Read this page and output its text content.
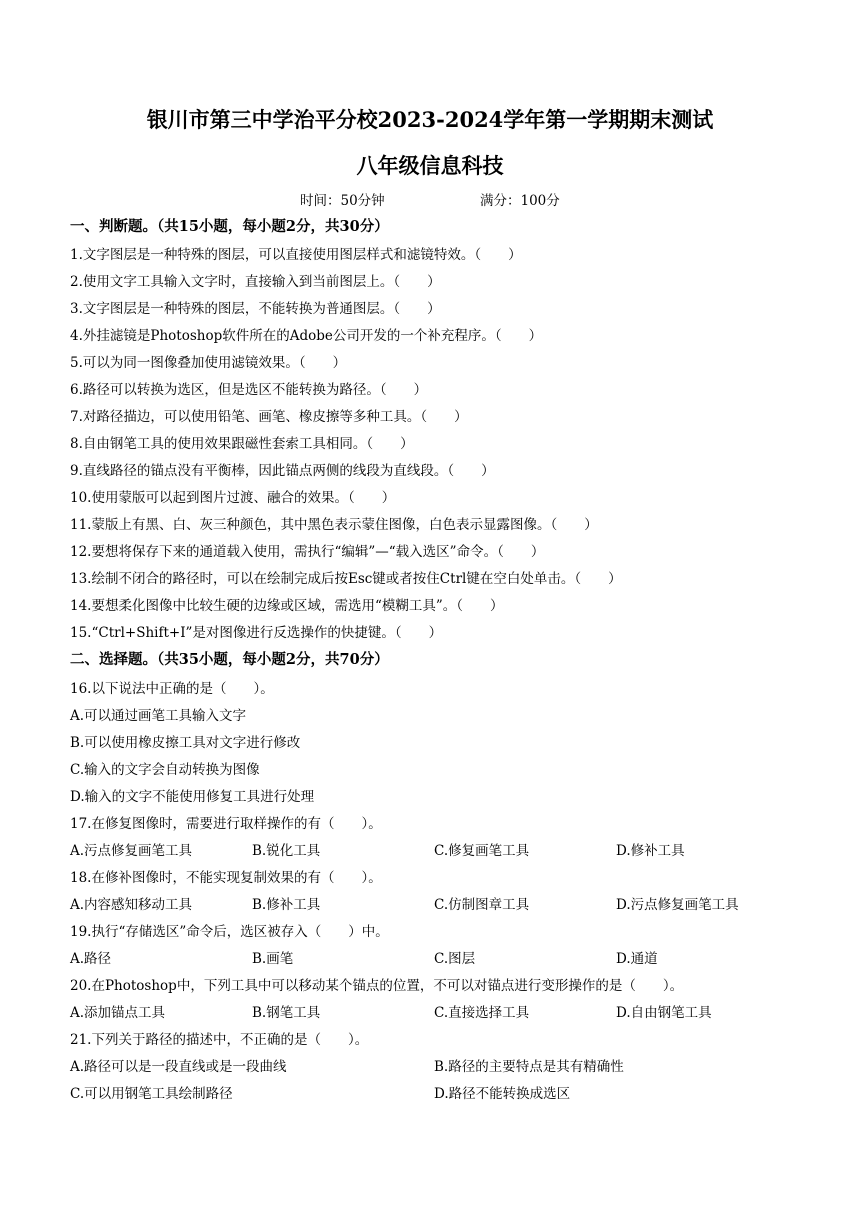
银川市第三中学治平分校2023-2024学年第一学期期末测试
八年级信息科技
时间：50分钟	满分：100分
一、判断题。（共15小题，每小题2分，共30分）
1.文字图层是一种特殊的图层，可以直接使用图层样式和滤镜特效。（　　）
2.使用文字工具输入文字时，直接输入到当前图层上。（　　）
3.文字图层是一种特殊的图层，不能转换为普通图层。（　　）
4.外挂滤镜是Photoshop软件所在的Adobe公司开发的一个补充程序。（　　）
5.可以为同一图像叠加使用滤镜效果。（　　）
6.路径可以转换为选区，但是选区不能转换为路径。（　　）
7.对路径描边，可以使用铅笔、画笔、橡皮擦等多种工具。（　　）
8.自由钢笔工具的使用效果跟磁性套索工具相同。（　　）
9.直线路径的锚点没有平衡棒，因此锚点两侧的线段为直线段。（　　）
10.使用蒙版可以起到图片过渡、融合的效果。（　　）
11.蒙版上有黑、白、灰三种颜色，其中黑色表示蒙住图像，白色表示显露图像。（　　）
12.要想将保存下来的通道载入使用，需执行“编辑”—“载入选区”命令。（　　）
13.绘制不闭合的路径时，可以在绘制完成后按Esc键或者按住Ctrl键在空白处单击。（　　）
14.要想柔化图像中比较生硬的边缘或区域，需选用“模糊工具”。（　　）
15.“Ctrl+Shift+I”是对图像进行反选操作的快捷键。（　　）
二、选择题。（共35小题，每小题2分，共70分）
16.以下说法中正确的是（　　）。
A.可以通过画笔工具输入文字
B.可以使用橡皮擦工具对文字进行修改
C.输入的文字会自动转换为图像
D.输入的文字不能使用修复工具进行处理
17.在修复图像时，需要进行取样操作的有（　　）。
A.污点修复画笔工具	B.锐化工具	C.修复画笔工具	D.修补工具
18.在修补图像时，不能实现复制效果的有（　　）。
A.内容感知移动工具	B.修补工具	C.仿制图章工具	D.污点修复画笔工具
19.执行“存储选区”命令后，选区被存入（　　）中。
A.路径	B.画笔	C.图层	D.通道
20.在Photoshop中，下列工具中可以移动某个锚点的位置，不可以对锚点进行变形操作的是（　　）。
A.添加锚点工具	B.钢笔工具	C.直接选择工具	D.自由钢笔工具
21.下列关于路径的描述中，不正确的是（　　）。
A.路径可以是一段直线或是一段曲线	B.路径的主要特点是其有精确性
C.可以用钢笔工具绘制路径	D.路径不能转换成选区
